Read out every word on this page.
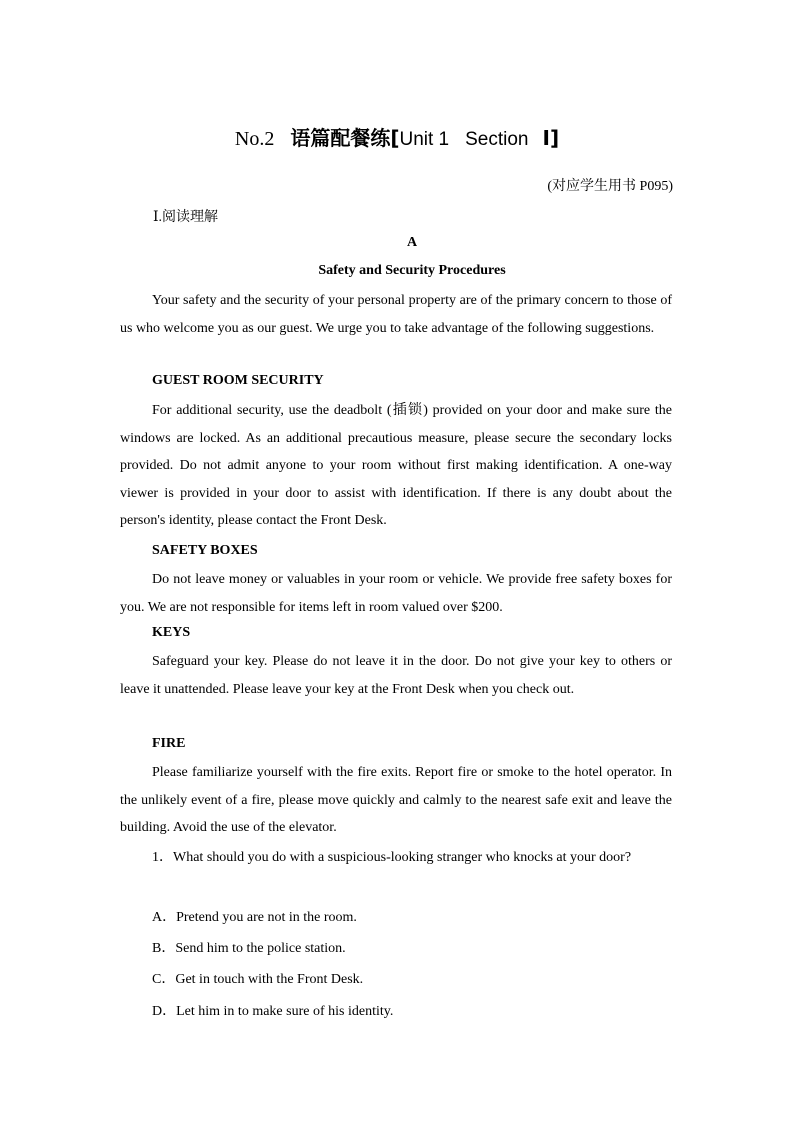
No.2 语篇配餐练[Unit 1 Section Ⅰ]
(对应学生用书 P095)
Ⅰ.阅读理解
A
Safety and Security Procedures

Your safety and the security of your personal property are of the primary concern to those of us who welcome you as our guest. We urge you to take advantage of the following suggestions.

GUEST ROOM SECURITY

For additional security, use the deadbolt (插锁) provided on your door and make sure the windows are locked. As an additional precautious measure, please secure the secondary locks provided. Do not admit anyone to your room without first making identification. A one-way viewer is provided in your door to assist with identification. If there is any doubt about the person's identity, please contact the Front Desk.

SAFETY BOXES

Do not leave money or valuables in your room or vehicle. We provide free safety boxes for you. We are not responsible for items left in room valued over $200.

KEYS

Safeguard your key. Please do not leave it in the door. Do not give your key to others or leave it unattended. Please leave your key at the Front Desk when you check out.

FIRE

Please familiarize yourself with the fire exits. Report fire or smoke to the hotel operator. In the unlikely event of a fire, please move quickly and calmly to the nearest safe exit and leave the building. Avoid the use of the elevator.

1．What should you do with a suspicious-looking stranger who knocks at your door?

A．Pretend you are not in the room.
B．Send him to the police station.
C．Get in touch with the Front Desk.
D．Let him in to make sure of his identity.
